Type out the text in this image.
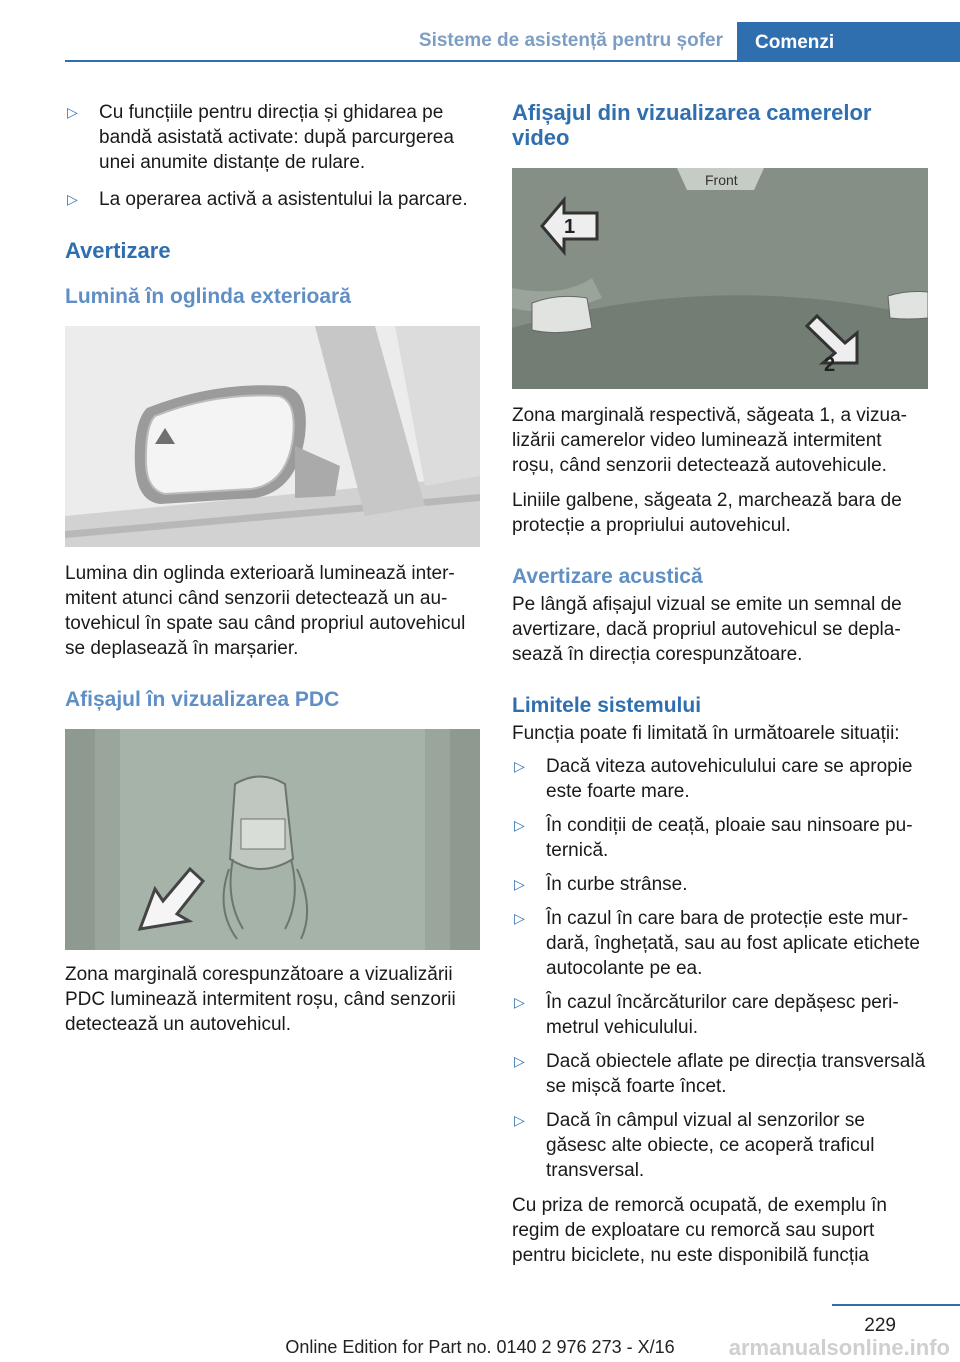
Sisteme de asistență pentru șofer	Comenzi
▷ Cu funcțiile pentru direcția și ghidarea pe bandă asistată activate: după parcurgerea unei anumite distanțe de rulare.
▷ La operarea activă a asistentului la parcare.
Avertizare
Lumină în oglinda exterioară

Lumina din oglinda exterioară luminează intermitent atunci când senzorii detectează un autovehicul în spate sau când propriul autovehicul se deplasează în marșarier.

Afișajul în vizualizarea PDC

Zona marginală corespunzătoare a vizualizării PDC luminează intermitent roșu, când senzorii detectează un autovehicul.

Afișajul din vizualizarea camerelor video
Front
1
2

Zona marginală respectivă, săgeata 1, a vizualizării camerelor video luminează intermitent roșu, când senzorii detectează autovehicule.

Liniile galbene, săgeata 2, marchează bara de protecție a propriului autovehicul.

Avertizare acustică

Pe lângă afișajul vizual se emite un semnal de avertizare, dacă propriul autovehicul se deplasează în direcția corespunzătoare.

Limitele sistemului

Funcția poate fi limitată în următoarele situații:

▷ Dacă viteza autovehiculului care se apropie este foarte mare.
▷ În condiții de ceață, ploaie sau ninsoare puternică.
▷ În curbe strânse.
▷ În cazul în care bara de protecție este murdară, înghețată, sau au fost aplicate etichete autocolante pe ea.
▷ În cazul încărcăturilor care depășesc perimetrul vehiculului.
▷ Dacă obiectele aflate pe direcția transversală se mișcă foarte încet.
▷ Dacă în câmpul vizual al senzorilor se găsesc alte obiecte, ce acoperă traficul transversal.

Cu priza de remorcă ocupată, de exemplu în regim de exploatare cu remorcă sau suport pentru biciclete, nu este disponibilă funcția

229
Online Edition for Part no. 0140 2 976 273 - X/16	armanualsonline.info
